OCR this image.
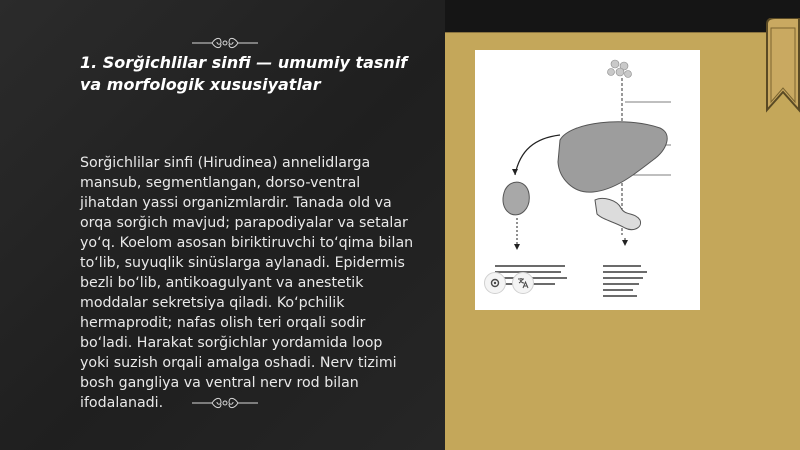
1. Sorğichlilar sinfi — umumiy tasnif va morfologik xususiyatlar
Sorğichlilar sinfi (Hirudinea) annelidlarga mansub, segmentlangan, dorso-ventral jihatdan yassi organizmlardir. Tanada old va orqa sorğich mavjud; parapodiyalar va setalar yo‘q. Koelom asosan biriktiruvchi to‘qima bilan to‘lib, suyuqlik sinüslarga aylanadi. Epidermis bezli bo‘lib, antikoagulyant va anestetik moddalar sekretsiya qiladi. Ko‘pchilik hermaprodit; nafas olish teri orqali sodir bo‘ladi. Harakat sorğichlar yordamida loop yoki suzish orqali amalga oshadi. Nerv tizimi bosh gangliya va ventral nerv rod bilan ifodalanadi.
